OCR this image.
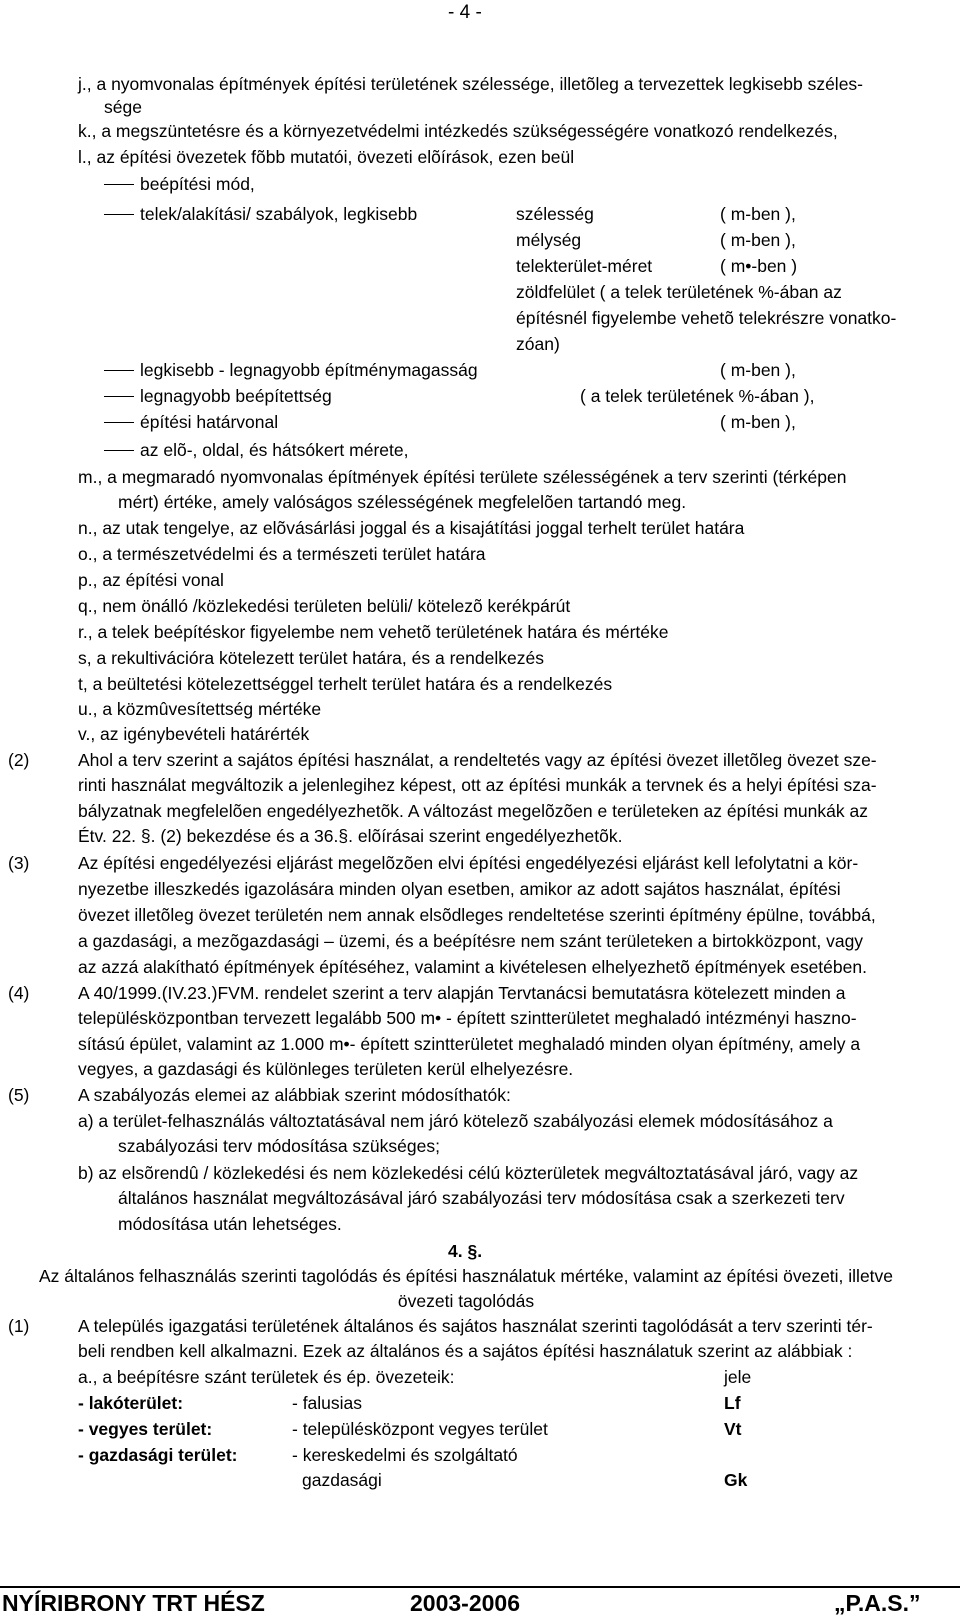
- 4 -
j., a nyomvonalas építmények építési területének szélessége, illetõleg a tervezettek legkisebb széles-
sége
k., a megszüntetésre és a környezetvédelmi intézkedés szükségességére vonatkozó rendelkezés,
l., az építési övezetek fõbb mutatói, övezeti elõírások, ezen beül
beépítési mód,
telek/alakítási/ szabályok, legkisebb	szélesség	( m-ben ),
mélység	( m-ben ),
telekterület-méret	( m•-ben )
zöldfelület ( a telek területének %-ában az
építésnél figyelembe vehetõ telekrészre vonatko-
zóan)
legkisebb - legnagyobb építménymagasság	( m-ben ),
legnagyobb beépítettség	( a telek területének %-ában ),
építési határvonal	( m-ben ),
az elõ-, oldal, és hátsókert mérete,
m., a megmaradó nyomvonalas építmények építési területe szélességének a terv szerinti (térképen
mért) értéke, amely valóságos szélességének megfelelõen tartandó meg.
n., az utak tengelye, az elõvásárlási joggal és a kisajátítási joggal terhelt terület határa
o., a természetvédelmi és a természeti terület határa
p., az építési vonal
q., nem önálló /közlekedési területen belüli/ kötelezõ kerékpárút
r., a telek beépítéskor figyelembe nem vehetõ területének határa és mértéke
s, a rekultivációra kötelezett terület határa, és a rendelkezés
t, a beültetési kötelezettséggel terhelt terület határa és a rendelkezés
u., a közmûvesítettség mértéke
v., az igénybevételi határérték
(2)	Ahol a terv szerint a sajátos építési használat, a rendeltetés vagy az építési övezet illetõleg övezet sze-
rinti használat megváltozik a jelenlegihez képest, ott az építési munkák a tervnek és a helyi építési sza-
bályzatnak megfelelõen engedélyezhetõk. A változást megelõzõen e területeken az építési munkák az
Étv. 22. §. (2) bekezdése és a 36.§. elõírásai szerint engedélyezhetõk.
(3)	Az építési engedélyezési eljárást megelõzõen elvi építési engedélyezési eljárást kell lefolytatni a kör-
nyezetbe illeszkedés igazolására minden olyan esetben, amikor az adott sajátos használat, építési
övezet illetõleg övezet területén nem annak elsõdleges rendeltetése szerinti építmény épülne, továbbá,
a gazdasági, a mezõgazdasági – üzemi, és a beépítésre nem szánt területeken a birtokközpont, vagy
az azzá alakítható építmények építéséhez, valamint a kivételesen elhelyezhetõ építmények esetében.
(4)	A 40/1999.(IV.23.)FVM. rendelet szerint a terv alapján Tervtanácsi bemutatásra kötelezett minden a
településközpontban tervezett legalább 500 m• - épített szintterületet meghaladó intézményi haszno-
sítású épület, valamint az 1.000 m•- épített szintterületet meghaladó minden olyan építmény, amely a
vegyes, a gazdasági és különleges területen kerül elhelyezésre.
(5)	A szabályozás elemei az alábbiak szerint módosíthatók:
a) a terület-felhasználás változtatásával nem járó kötelezõ szabályozási elemek módosításához a
szabályozási terv módosítása szükséges;
b) az elsõrendû / közlekedési és nem közlekedési célú közterületek megváltoztatásával járó, vagy az
általános használat megváltozásával járó szabályozási terv módosítása csak a szerkezeti terv
módosítása után lehetséges.
4. §.
Az általános felhasználás szerinti tagolódás és építési használatuk mértéke, valamint az építési övezeti, illetve
övezeti tagolódás
(1)	A település igazgatási területének általános és sajátos használat szerinti tagolódását a terv szerinti tér-
beli rendben kell alkalmazni. Ezek az általános és a sajátos építési használatuk szerint az alábbiak :
a., a beépítésre szánt területek és ép. övezeteik:	jele
- lakóterület:	- falusias	Lf
- vegyes terület:	- településközpont vegyes terület	Vt
- gazdasági terület:	- kereskedelmi és szolgáltató
gazdasági	Gk
NYÍRIBRONY TRT HÉSZ	2003-2006	„P.A.S.”
